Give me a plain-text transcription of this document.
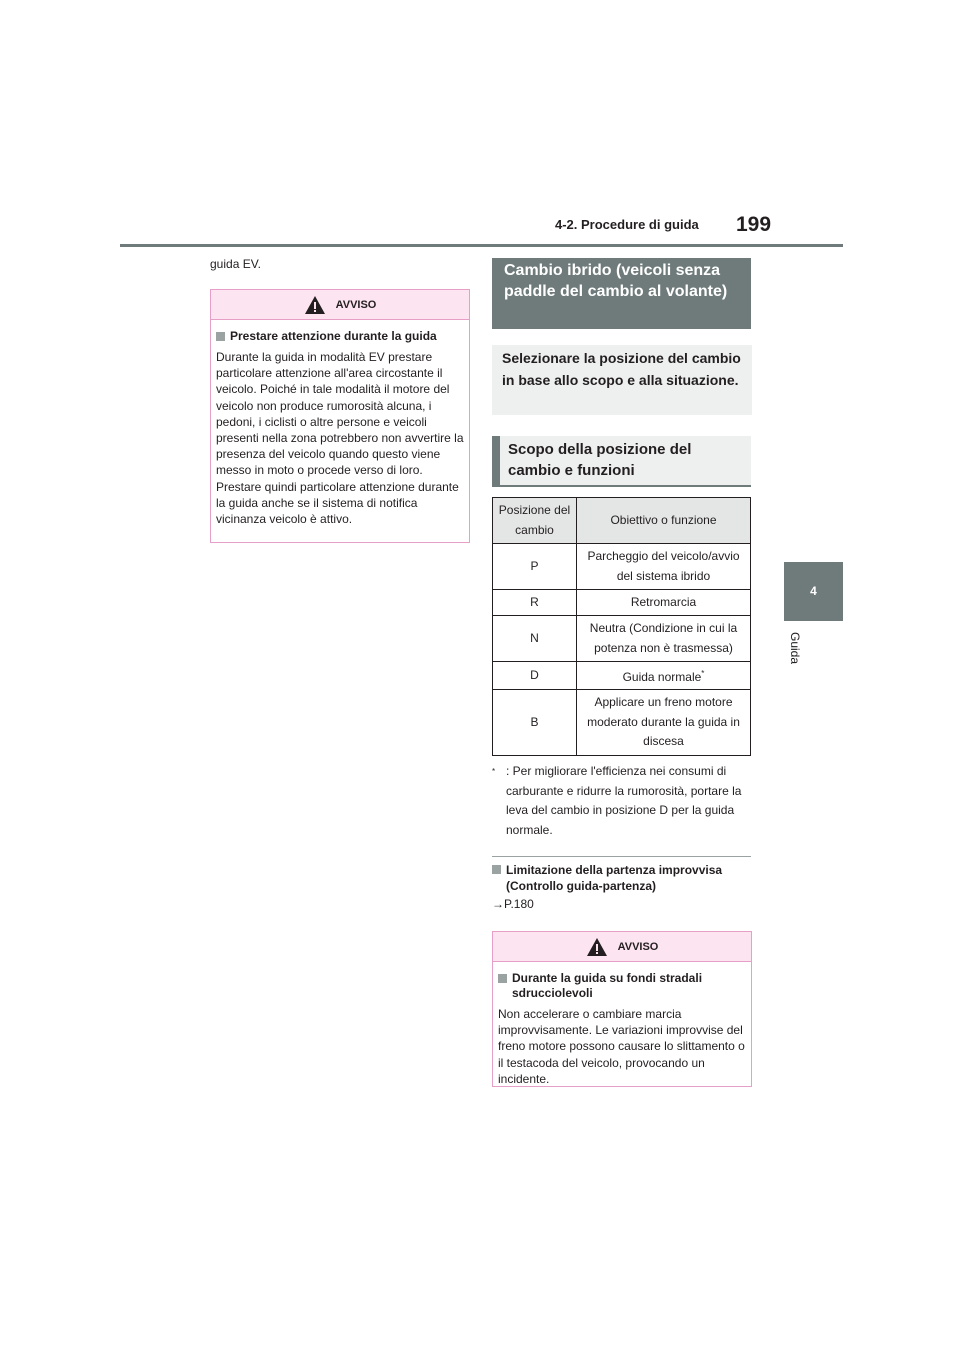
4-2. Procedure di guida 199
4
Guida
guida EV.
AVVISO
Prestare attenzione durante la guida
Durante la guida in modalità EV prestare particolare attenzione all'area circostante il veicolo. Poiché in tale modalità il motore del veicolo non produce rumorosità alcuna, i pedoni, i ciclisti o altre persone e veicoli presenti nella zona potrebbero non avvertire la presenza del veicolo quando questo viene messo in moto o procede verso di loro. Prestare quindi particolare attenzione durante la guida anche se il sistema di notifica vicinanza veicolo è attivo.
Cambio ibrido (veicoli senza paddle del cambio al volante)
Selezionare la posizione del cambio in base allo scopo e alla situazione.
Scopo della posizione del cambio e funzioni
Posizione del cambio	Obiettivo o funzione
P	Parcheggio del veicolo/avvio del sistema ibrido
R	Retromarcia
N	Neutra (Condizione in cui la potenza non è trasmessa)
D	Guida normale*
B	Applicare un freno motore moderato durante la guida in discesa
* : Per migliorare l'efficienza nei consumi di carburante e ridurre la rumorosità, portare la leva del cambio in posizione D per la guida normale.
Limitazione della partenza improvvisa (Controllo guida-partenza)
→P.180
AVVISO
Durante la guida su fondi stradali sdrucciolevoli
Non accelerare o cambiare marcia improvvisamente. Le variazioni improvvise del freno motore possono causare lo slittamento o il testacoda del veicolo, provocando un incidente.
